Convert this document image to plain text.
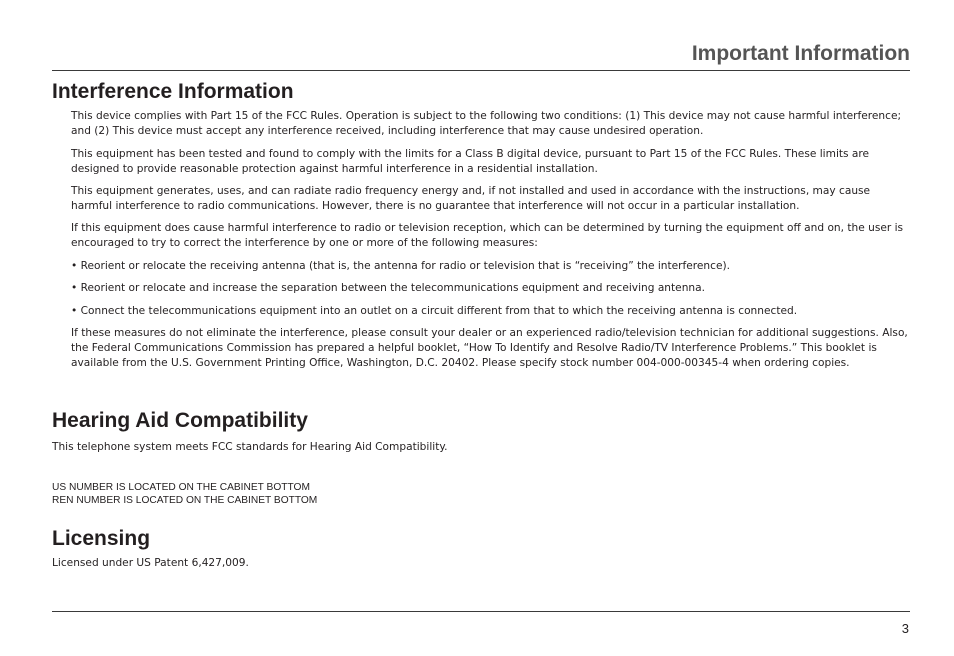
Important Information
Interference Information

This device complies with Part 15 of the FCC Rules. Operation is subject to the following two conditions: (1) This device may not cause harmful interference; and (2) This device must accept any interference received, including interference that may cause undesired operation.

This equipment has been tested and found to comply with the limits for a Class B digital device, pursuant to Part 15 of the FCC Rules. These limits are designed to provide reasonable protection against harmful interference in a residential installation.

This equipment generates, uses, and can radiate radio frequency energy and, if not installed and used in accordance with the instructions, may cause harmful interference to radio communications. However, there is no guarantee that interference will not occur in a particular installation.

If this equipment does cause harmful interference to radio or television reception, which can be determined by turning the equipment off and on, the user is encouraged to try to correct the interference by one or more of the following measures:

• Reorient or relocate the receiving antenna (that is, the antenna for radio or television that is “receiving” the interference).

• Reorient or relocate and increase the separation between the telecommunications equipment and receiving antenna.

• Connect the telecommunications equipment into an outlet on a circuit different from that to which the receiving antenna is connected.

If these measures do not eliminate the interference, please consult your dealer or an experienced radio/television technician for additional suggestions. Also, the Federal Communications Commission has prepared a helpful booklet, “How To Identify and Resolve Radio/TV Interference Problems.” This booklet is available from the U.S. Government Printing Office, Washington, D.C. 20402. Please specify stock number 004-000-00345-4 when ordering copies.

Hearing Aid Compatibility

This telephone system meets FCC standards for Hearing Aid Compatibility.

US NUMBER IS LOCATED ON THE CABINET BOTTOM

REN NUMBER IS LOCATED ON THE CABINET BOTTOM

Licensing

Licensed under US Patent 6,427,009.

3
